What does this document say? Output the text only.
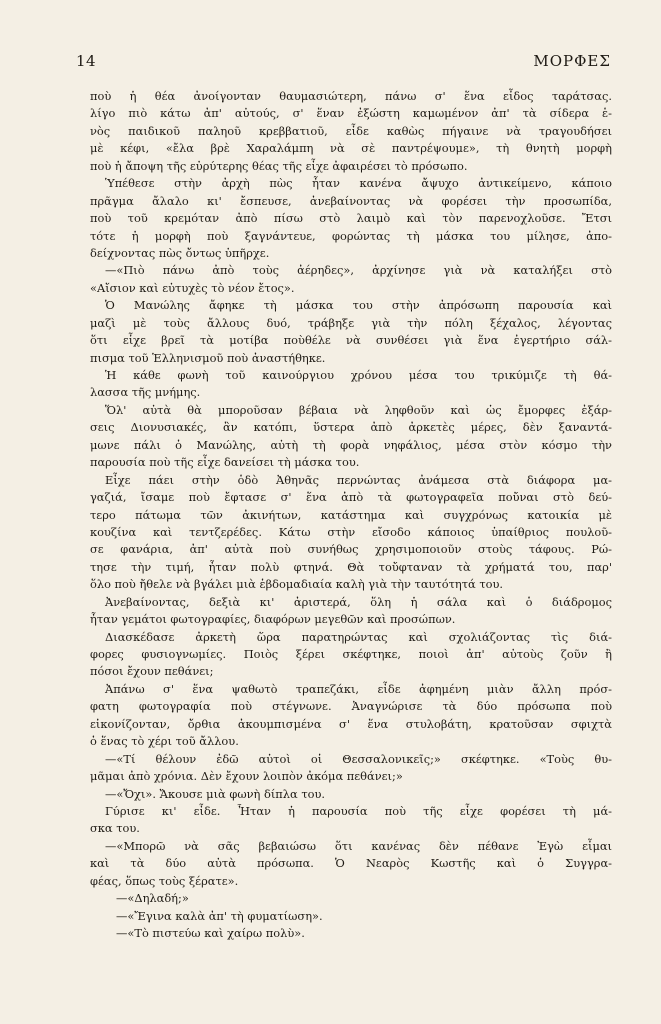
14	ΜΟΡΦΕΣ
ποὺ ἡ θέα ἀνοίγονταν θαυμασιώτερη, πάνω σ' ἕνα εἶδος ταράτσας.
λίγο πιὸ κάτω ἀπ' αὐτούς, σ' ἕναν ἐξώστη καμωμένον ἀπ' τὰ σίδερα ἑ-
νὸς παιδικοῦ παληοῦ κρεββατιοῦ, εἶδε καθὼς πήγαινε νὰ τραγουδήσει
μὲ κέφι, «ἔλα βρὲ Χαραλάμπη νὰ σὲ παντρέψουμε», τὴ θνητὴ μορφὴ
ποὺ ἡ ἄποψη τῆς εὐρύτερης θέας τῆς εἶχε ἀφαιρέσει τὸ πρόσωπο.
Ὑπέθεσε στὴν ἀρχὴ πὼς ἦταν κανένα ἄψυχο ἀντικείμενο, κάποιο
πρᾶγμα ἄλαλο κι' ἔσπευσε, ἀνεβαίνοντας νὰ φορέσει τὴν προσωπίδα,
ποὺ τοῦ κρεμόταν ἀπὸ πίσω στὸ λαιμὸ καὶ τὸν παρενοχλοῦσε. Ἔτσι
τότε ἡ μορφὴ ποὺ ξαγνάντευε, φορώντας τὴ μάσκα του μίλησε, ἀπο-
δείχνοντας πὼς ὄντως ὑπῆρχε.
—«Πιὸ πάνω ἀπὸ τοὺς ἀέρηδες», ἀρχίνησε γιὰ νὰ καταλήξει στὸ
«Αἴσιον καὶ εὐτυχὲς τὸ νέον ἔτος».
Ὁ Μανώλης ἄφηκε τὴ μάσκα του στὴν ἀπρόσωπη παρουσία καὶ
μαζὶ μὲ τοὺς ἄλλους δυό, τράβηξε γιὰ τὴν πόλη ξέχαλος, λέγοντας
ὅτι εἶχε βρεῖ τὰ μοτίβα ποὺθέλε νὰ συνθέσει γιὰ ἕνα ἐγερτήριο σάλ-
πισμα τοῦ Ἑλληνισμοῦ ποὺ ἀναστήθηκε.
Ἡ κάθε φωνὴ τοῦ καινούργιου χρόνου μέσα του τρικύμιζε τὴ θά-
λασσα τῆς μνήμης.
Ὅλ' αὐτὰ θὰ μποροῦσαν βέβαια νὰ ληφθοῦν καὶ ὡς ἔμορφες ἐξάρ-
σεις Διονυσιακές, ἂν κατόπι, ὕστερα ἀπὸ ἀρκετὲς μέρες, δὲν ξαναντά-
μωνε πάλι ὁ Μανώλης, αὐτὴ τὴ φορὰ νηφάλιος, μέσα στὸν κόσμο τὴν
παρουσία ποὺ τῆς εἶχε δανείσει τὴ μάσκα του.
Εἶχε πάει στὴν ὁδὸ Ἀθηνᾶς περνώντας ἀνάμεσα στὰ διάφορα μα-
γαζιά, ἴσαμε ποὺ ἔφτασε σ' ἕνα ἀπὸ τὰ φωτογραφεῖα ποὔναι στὸ δεύ-
τερο πάτωμα τῶν ἀκινήτων, κατάστημα καὶ συγχρόνως κατοικία μὲ
κουζίνα καὶ τεντζερέδες. Κάτω στὴν εἴσοδο κάποιος ὑπαίθριος πουλοῦ-
σε φανάρια, ἀπ' αὐτὰ ποὺ συνήθως χρησιμοποιοῦν στοὺς τάφους. Ρώ-
τησε τὴν τιμή, ἦταν πολὺ φτηνά. Θὰ τοὔφταναν τὰ χρήματά του, παρ'
ὅλο ποὺ ἤθελε νὰ βγάλει μιὰ ἑβδομαδιαία καλὴ γιὰ τὴν ταυτότητά του.
Ἀνεβαίνοντας, δεξιὰ κι' ἀριστερά, ὅλη ἡ σάλα καὶ ὁ διάδρομος
ἦταν γεμάτοι φωτογραφίες, διαφόρων μεγεθῶν καὶ προσώπων.
Διασκέδασε ἀρκετὴ ὥρα παρατηρώντας καὶ σχολιάζοντας τὶς διά-
φορες φυσιογνωμίες. Ποιὸς ξέρει σκέφτηκε, ποιοὶ ἀπ' αὐτοὺς ζοῦν ἢ
πόσοι ἔχουν πεθάνει;
Ἀπάνω σ' ἕνα ψαθωτὸ τραπεζάκι, εἶδε ἀφημένη μιὰν ἄλλη πρόσ-
φατη φωτογραφία ποὺ στέγνωνε. Ἀναγνώρισε τὰ δύο πρόσωπα ποὺ
εἰκονίζονταν, ὄρθια ἀκουμπισμένα σ' ἕνα στυλοβάτη, κρατοῦσαν σφιχτὰ
ὁ ἕνας τὸ χέρι τοῦ ἄλλου.
—«Τί θέλουν ἐδῶ αὐτοὶ οἱ Θεσσαλονικεῖς;» σκέφτηκε. «Τοὺς θυ-
μᾶμαι ἀπὸ χρόνια. Δὲν ἔχουν λοιπὸν ἀκόμα πεθάνει;»
—«Ὄχι». Ἄκουσε μιὰ φωνὴ δίπλα του.
Γύρισε κι' εἶδε. Ἦταν ἡ παρουσία ποὺ τῆς εἶχε φορέσει τὴ μά-
σκα του.
—«Μπορῶ νὰ σᾶς βεβαιώσω ὅτι κανένας δὲν πέθανε Ἐγὼ εἶμαι
καὶ τὰ δύο αὐτὰ πρόσωπα. Ὁ Νεαρὸς Κωστῆς καὶ ὁ Συγγρα-
φέας, ὅπως τοὺς ξέρατε».
—«Δηλαδή;»
—«Ἔγινα καλὰ ἀπ' τὴ φυματίωση».
—«Τὸ πιστεύω καὶ χαίρω πολὺ».
